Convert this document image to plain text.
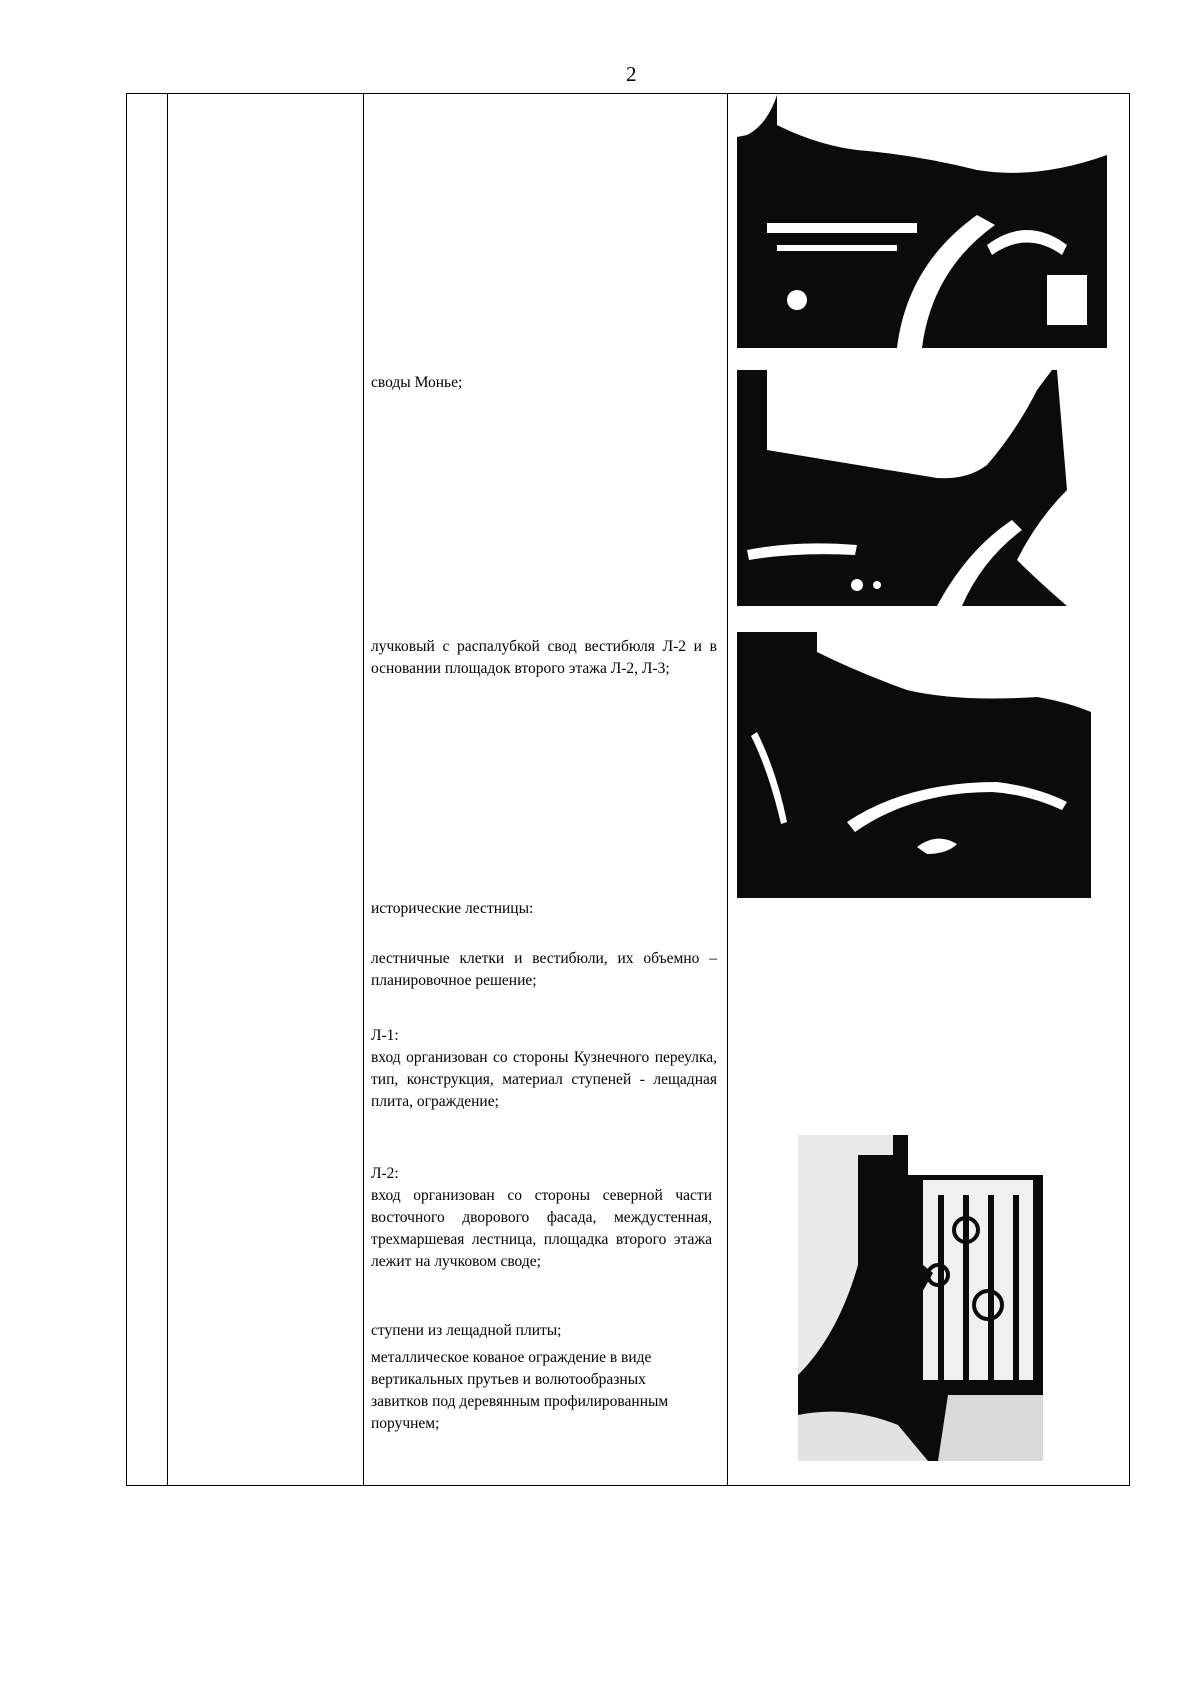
2
своды Монье;
лучковый с распалубкой свод вестибюля Л-2 и в основании площадок второго этажа Л-2, Л-3;
исторические лестницы:
лестничные клетки и вестибюли, их объемно – планировочное решение;
Л-1:
вход организован со стороны Кузнечного переулка, тип, конструкция, материал ступеней - лещадная плита, ограждение;
Л-2:
вход организован со стороны северной части восточного дворового фасада, междустенная, трехмаршевая лестница, площадка второго этажа лежит на лучковом своде;
ступени из лещадной плиты;
металлическое кованое ограждение в виде вертикальных прутьев и волютообразных завитков под деревянным профилированным поручнем;
